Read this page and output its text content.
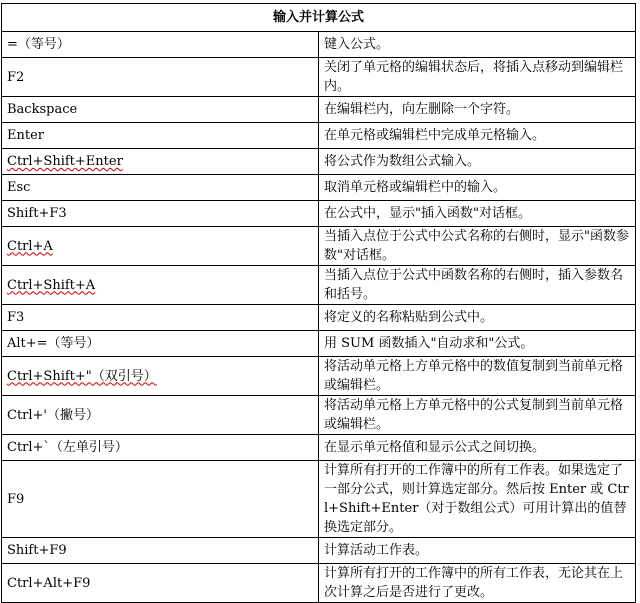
输入并计算公式	
=（等号）	键入公式。
F2	关闭了单元格的编辑状态后，将插入点移动到编辑栏内。
Backspace	在编辑栏内，向左删除一个字符。
Enter	在单元格或编辑栏中完成单元格输入。
Ctrl+Shift+Enter	将公式作为数组公式输入。
Esc	取消单元格或编辑栏中的输入。
Shift+F3	在公式中，显示"插入函数"对话框。
Ctrl+A	当插入点位于公式中公式名称的右侧时，显示"函数参数"对话框。
Ctrl+Shift+A	当插入点位于公式中函数名称的右侧时，插入参数名和括号。
F3	将定义的名称粘贴到公式中。
Alt+=（等号）	用 SUM 函数插入"自动求和"公式。
Ctrl+Shift+"（双引号）	将活动单元格上方单元格中的数值复制到当前单元格或编辑栏。
Ctrl+'（撇号）	将活动单元格上方单元格中的公式复制到当前单元格或编辑栏。
Ctrl+`（左单引号）	在显示单元格值和显示公式之间切换。
F9	计算所有打开的工作簿中的所有工作表。如果选定了一部分公式，则计算选定部分。然后按 Enter 或 Ctrl+Shift+Enter（对于数组公式）可用计算出的值替换选定部分。
Shift+F9	计算活动工作表。
Ctrl+Alt+F9	计算所有打开的工作簿中的所有工作表，无论其在上次计算之后是否进行了更改。
